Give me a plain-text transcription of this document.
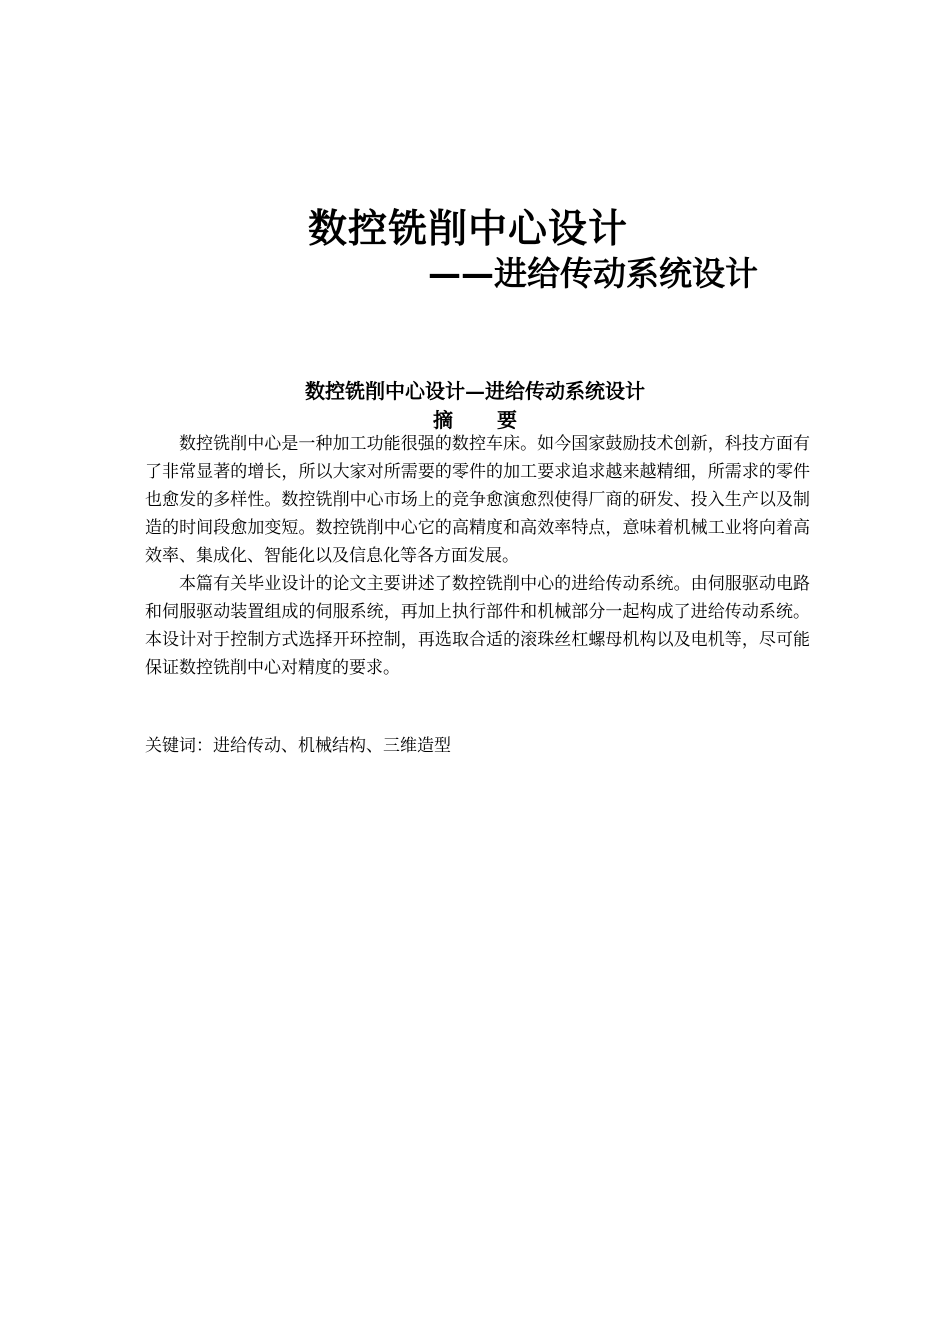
数控铣削中心设计
——进给传动系统设计
数控铣削中心设计—进给传动系统设计
摘 要

数控铣削中心是一种加工功能很强的数控车床。如今国家鼓励技术创新，科技方面有了非常显著的增长，所以大家对所需要的零件的加工要求追求越来越精细，所需求的零件也愈发的多样性。数控铣削中心市场上的竞争愈演愈烈使得厂商的研发、投入生产以及制造的时间段愈加变短。数控铣削中心它的高精度和高效率特点，意味着机械工业将向着高效率、集成化、智能化以及信息化等各方面发展。

本篇有关毕业设计的论文主要讲述了数控铣削中心的进给传动系统。由伺服驱动电路和伺服驱动装置组成的伺服系统，再加上执行部件和机械部分一起构成了进给传动系统。本设计对于控制方式选择开环控制，再选取合适的滚珠丝杠螺母机构以及电机等，尽可能保证数控铣削中心对精度的要求。

关键词：进给传动、机械结构、三维造型
